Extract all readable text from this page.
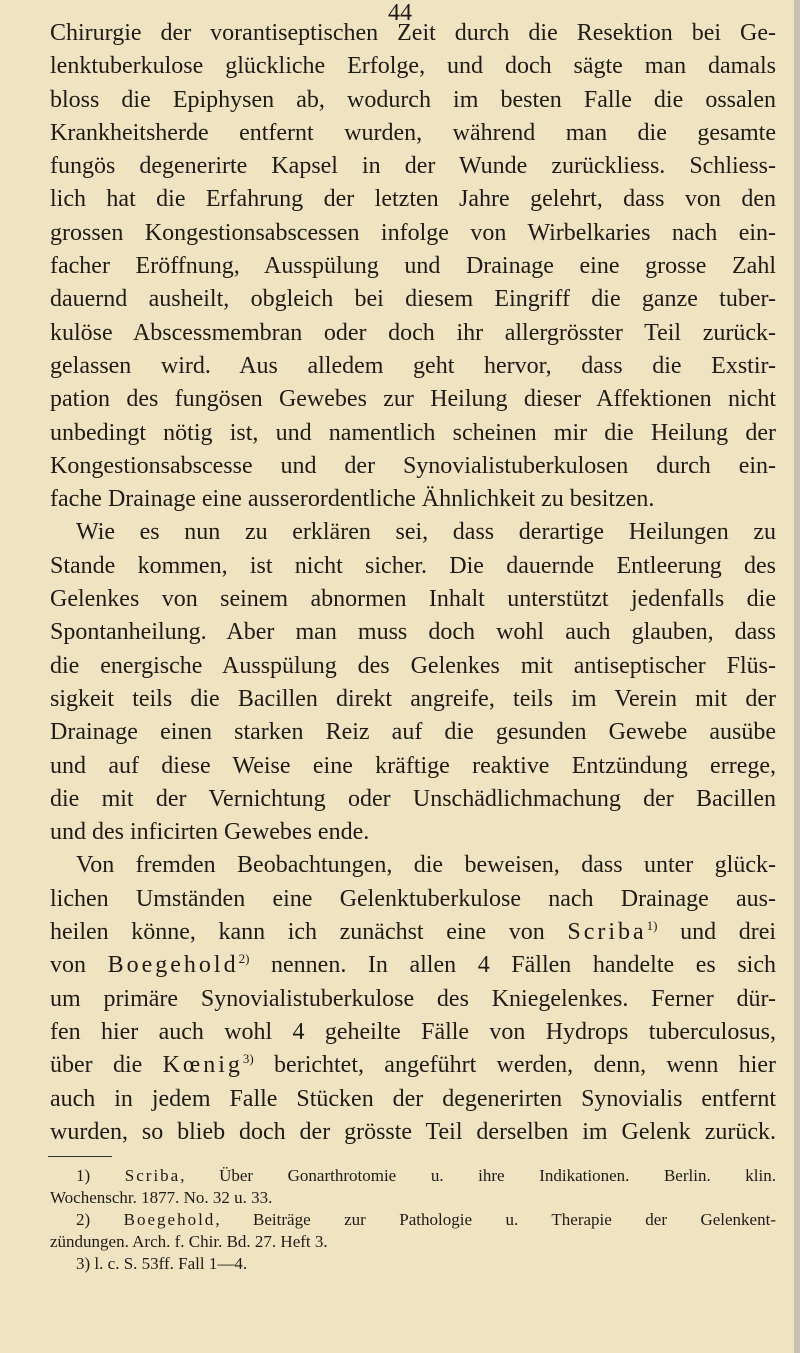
44
Chirurgie der vorantiseptischen Zeit durch die Resektion bei Ge-
lenktuberkulose glückliche Erfolge, und doch sägte man damals
bloss die Epiphysen ab, wodurch im besten Falle die ossalen
Krankheitsherde entfernt wurden, während man die gesamte
fungös degenerirte Kapsel in der Wunde zurückliess. Schliess-
lich hat die Erfahrung der letzten Jahre gelehrt, dass von den
grossen Kongestionsabscessen infolge von Wirbelkaries nach ein-
facher Eröffnung, Ausspülung und Drainage eine grosse Zahl
dauernd ausheilt, obgleich bei diesem Eingriff die ganze tuber-
kulöse Abscessmembran oder doch ihr allergrösster Teil zurück-
gelassen wird. Aus alledem geht hervor, dass die Exstir-
pation des fungösen Gewebes zur Heilung dieser Affektionen nicht
unbedingt nötig ist, und namentlich scheinen mir die Heilung der
Kongestionsabscesse und der Synovialistuberkulosen durch ein-
fache Drainage eine ausserordentliche Ähnlichkeit zu besitzen.
Wie es nun zu erklären sei, dass derartige Heilungen zu
Stande kommen, ist nicht sicher. Die dauernde Entleerung des
Gelenkes von seinem abnormen Inhalt unterstützt jedenfalls die
Spontanheilung. Aber man muss doch wohl auch glauben, dass
die energische Ausspülung des Gelenkes mit antiseptischer Flüs-
sigkeit teils die Bacillen direkt angreife, teils im Verein mit der
Drainage einen starken Reiz auf die gesunden Gewebe ausübe
und auf diese Weise eine kräftige reaktive Entzündung errege,
die mit der Vernichtung oder Unschädlichmachung der Bacillen
und des inficirten Gewebes ende.
Von fremden Beobachtungen, die beweisen, dass unter glück-
lichen Umständen eine Gelenktuberkulose nach Drainage aus-
heilen könne, kann ich zunächst eine von Scriba$^{1)}$ und drei
von Boegehold$^{2)}$ nennen. In allen 4 Fällen handelte es sich
um primäre Synovialistuberkulose des Kniegelenkes. Ferner dür-
fen hier auch wohl 4 geheilte Fälle von Hydrops tuberculosus,
über die Kœnig$^{3)}$ berichtet, angeführt werden, denn, wenn hier
auch in jedem Falle Stücken der degenerirten Synovialis entfernt
wurden, so blieb doch der grösste Teil derselben im Gelenk zurück.
1) Scriba, Über Gonarthrotomie u. ihre Indikationen. Berlin. klin.
Wochenschr. 1877. No. 32 u. 33.
2) Boegehold, Beiträge zur Pathologie u. Therapie der Gelenkent-
zündungen. Arch. f. Chir. Bd. 27. Heft 3.
3) l. c. S. 53ff. Fall 1—4.
